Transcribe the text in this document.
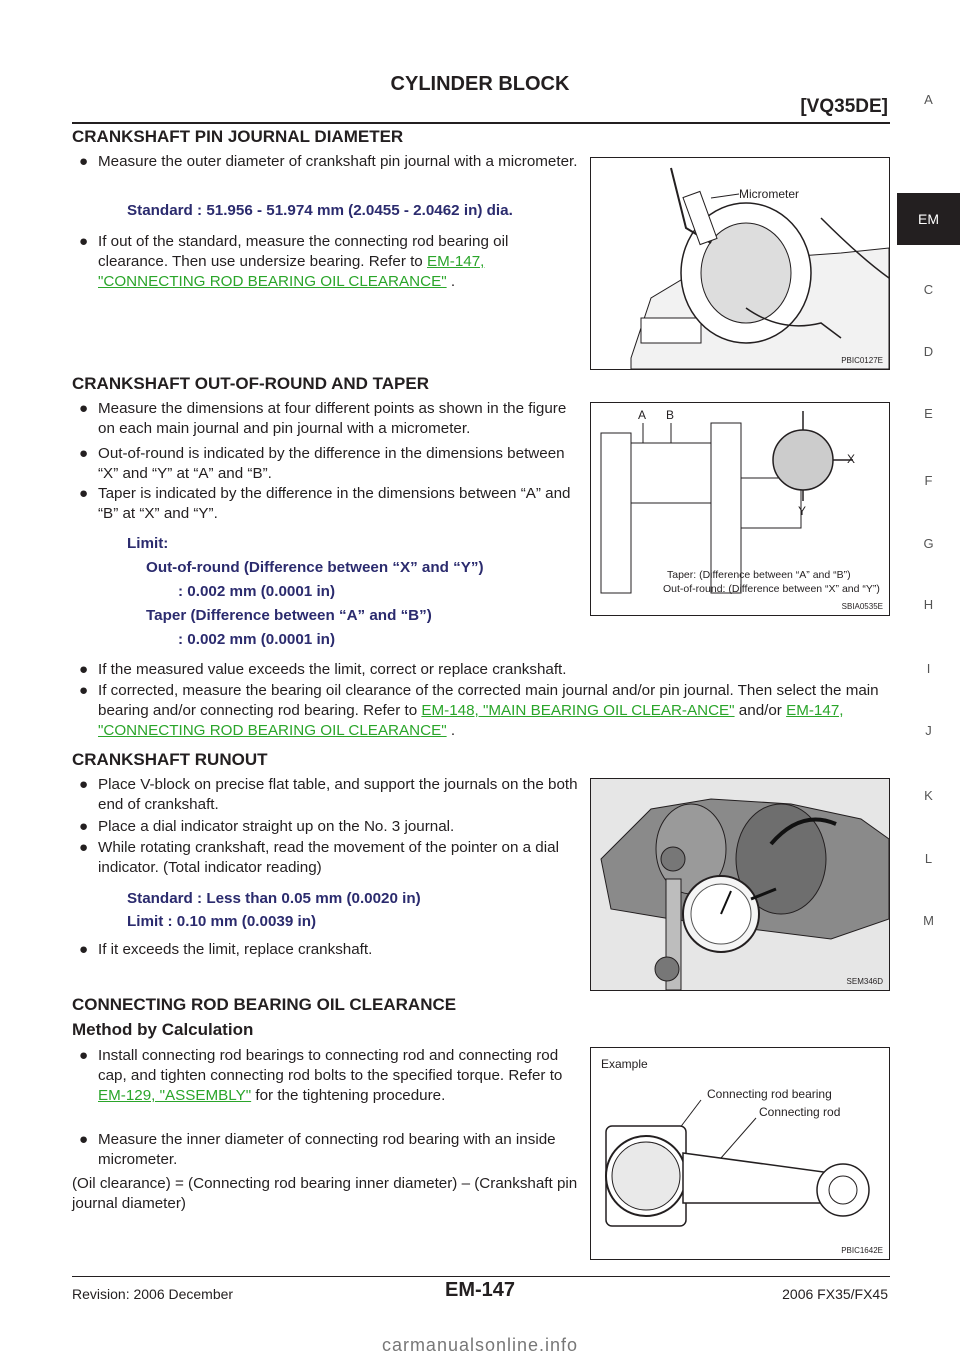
CYLINDER BLOCK
[VQ35DE]	A
EM
C
D
E
F
G
H
I
J
K
L
M
CRANKSHAFT PIN JOURNAL DIAMETER
● Measure the outer diameter of crankshaft pin journal with a micrometer.
Standard : 51.956 - 51.974 mm (2.0455 - 2.0462 in) dia.
● If out of the standard, measure the connecting rod bearing oil clearance. Then use undersize bearing. Refer to EM-147, "CONNECTING ROD BEARING OIL CLEARANCE" .
Micrometer
PBIC0127E
CRANKSHAFT OUT-OF-ROUND AND TAPER
● Measure the dimensions at four different points as shown in the figure on each main journal and pin journal with a micrometer.
● Out-of-round is indicated by the difference in the dimensions between “X” and “Y” at “A” and “B”.
● Taper is indicated by the difference in the dimensions between “A” and “B” at “X” and “Y”.
Limit:
Out-of-round (Difference between “X” and “Y”)
: 0.002 mm (0.0001 in)
Taper (Difference between “A” and “B”)
: 0.002 mm (0.0001 in)
A B
X
Y
Taper: (Difference between “A” and “B”)
Out-of-round: (Difference between “X” and “Y”)
SBIA0535E
● If the measured value exceeds the limit, correct or replace crankshaft.
● If corrected, measure the bearing oil clearance of the corrected main journal and/or pin journal. Then select the main bearing and/or connecting rod bearing. Refer to EM-148, "MAIN BEARING OIL CLEAR-ANCE" and/or EM-147, "CONNECTING ROD BEARING OIL CLEARANCE" .
CRANKSHAFT RUNOUT
● Place V-block on precise flat table, and support the journals on the both end of crankshaft.
● Place a dial indicator straight up on the No. 3 journal.
● While rotating crankshaft, read the movement of the pointer on a dial indicator. (Total indicator reading)
Standard : Less than 0.05 mm (0.0020 in)
Limit : 0.10 mm (0.0039 in)
● If it exceeds the limit, replace crankshaft.
SEM346D
CONNECTING ROD BEARING OIL CLEARANCE
Method by Calculation
● Install connecting rod bearings to connecting rod and connecting rod cap, and tighten connecting rod bolts to the specified torque. Refer to EM-129, "ASSEMBLY" for the tightening procedure.
● Measure the inner diameter of connecting rod bearing with an inside micrometer.
(Oil clearance) = (Connecting rod bearing inner diameter) – (Crankshaft pin journal diameter)
Example
Connecting rod bearing
Connecting rod
PBIC1642E
Revision: 2006 December	EM-147	2006 FX35/FX45
carmanualsonline.info
